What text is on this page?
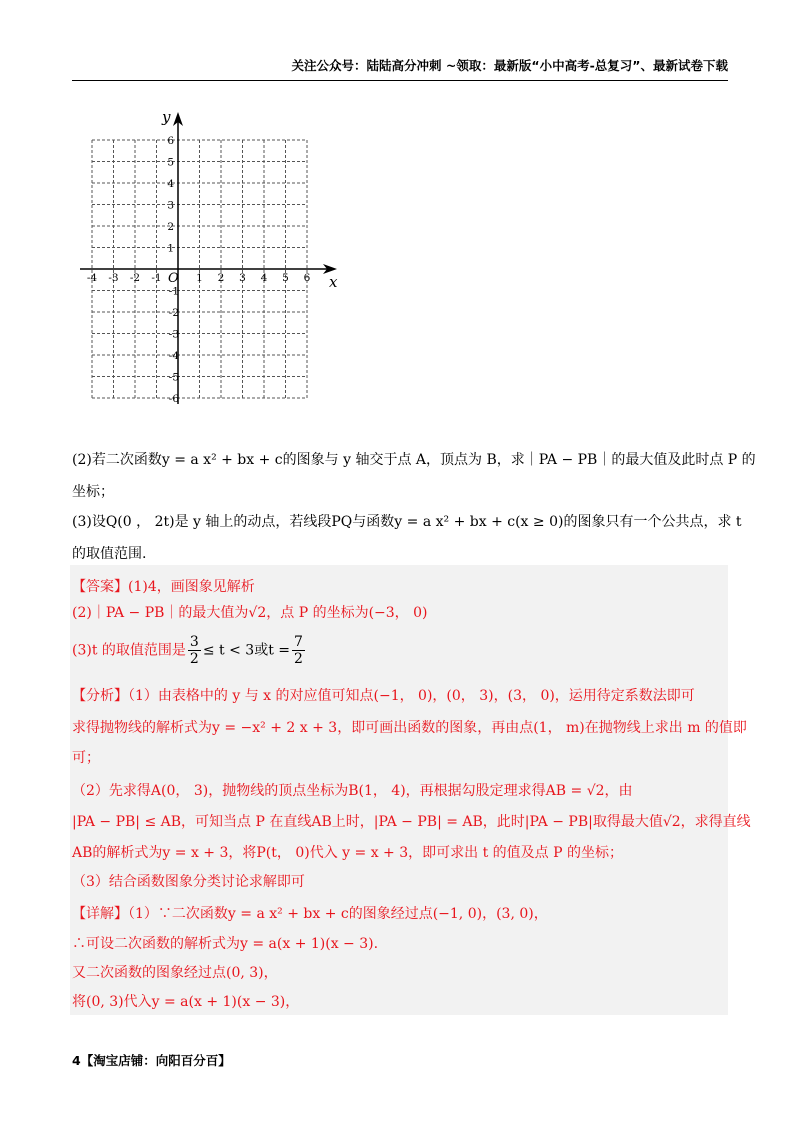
关注公众号：陆陆高分冲刺 ~领取：最新版“小中高考-总复习”、最新试卷下载
y
x
O
-4 -3 -2 -1	1 2 3 4 5 6
1
2
3
4
5
6
-1
-2
-3
-4
-5
-6
(2)若二次函数y = a x² + bx + c的图象与 y 轴交于点 A，顶点为 B，求｜PA − PB｜的最大值及此时点 P 的
坐标；
(3)设Q(0 ， 2t)是 y 轴上的动点，若线段PQ与函数y = a x² + bx + c(x ≥ 0)的图象只有一个公共点，求 t
的取值范围.
【答案】(1)4，画图象见解析
(2)｜PA − PB｜的最大值为√2，点 P 的坐标为(−3， 0)
(3)t 的取值范围是 $\frac{3}{2} \le t < 3$或$t = \frac{7}{2}$
【分析】（1）由表格中的 y 与 x 的对应值可知点(−1， 0)，(0， 3)，(3， 0)，运用待定系数法即可
求得抛物线的解析式为y = −x² + 2 x + 3，即可画出函数的图象，再由点(1， m)在抛物线上求出 m 的值即
可；
（2）先求得A(0， 3)，抛物线的顶点坐标为B(1， 4)，再根据勾股定理求得AB = √2，由
|PA − PB| ≤ AB，可知当点 P 在直线AB上时，|PA − PB| = AB，此时|PA − PB|取得最大值√2，求得直线
AB的解析式为y = x + 3，将P(t， 0)代入 y = x + 3，即可求出 t 的值及点 P 的坐标；
（3）结合函数图象分类讨论求解即可
【详解】（1）∵二次函数y = a x² + bx + c的图象经过点(−1, 0)，(3, 0)，
∴可设二次函数的解析式为y = a(x + 1)(x − 3).
又二次函数的图象经过点(0, 3)，
将(0, 3)代入y = a(x + 1)(x − 3)，
4【淘宝店铺：向阳百分百】
